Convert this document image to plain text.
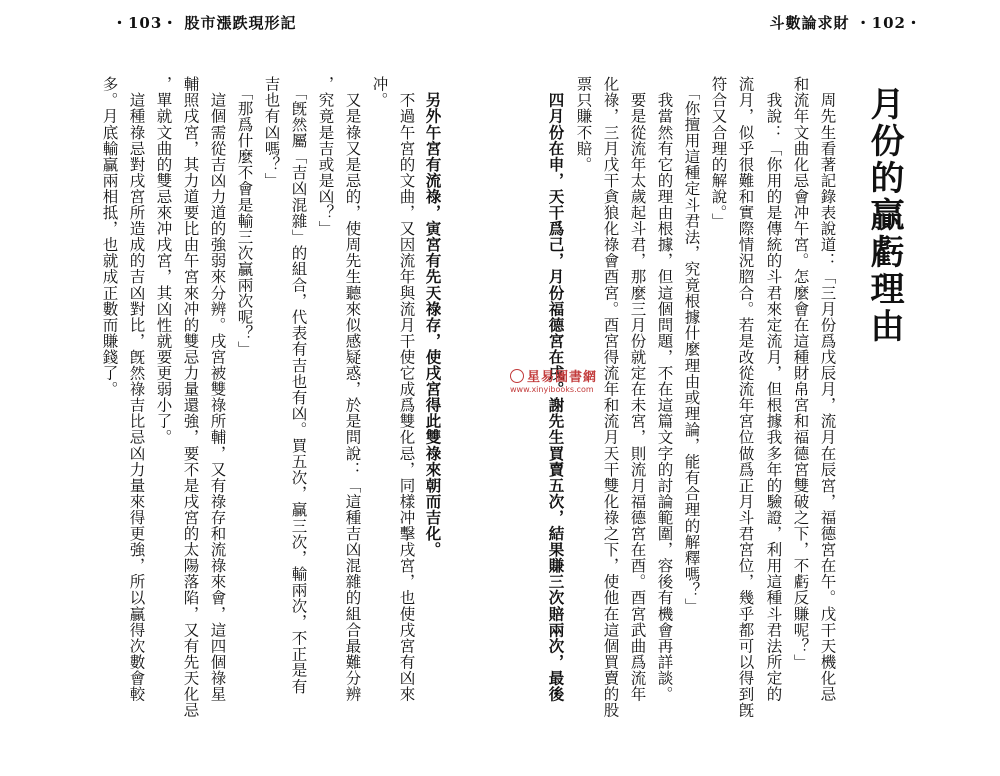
・103・ 股市漲跌現形記	斗數論求財 ・102・
月份的贏虧理由
　周先生看著記錄表說道：「三月份爲戊辰月，流月在辰宮，福德宮在午。戊干天機化忌
和流年文曲化忌會冲午宮。怎麼會在這種財帛宮和福德宮雙破之下，不虧反賺呢？」
　我說：「你用的是傳統的斗君來定流月，但根據我多年的驗證，利用這種斗君法所定的
流月，似乎很難和實際情況脗合。若是改從流年宮位做爲正月斗君宮位，幾乎都可以得到旣
符合又合理的解說。」
　「你擅用這種定斗君法，究竟根據什麼理由或理論，能有合理的解釋嗎？」
　我當然有它的理由根據，但這個問題，不在這篇文字的討論範圍，容後有機會再詳談。
　要是從流年太歲起斗君，那麼三月份就定在未宮，則流月福德宮在酉。酉宮武曲爲流年
化祿，三月戊干貪狼化祿會酉宮。酉宮得流年和流月天干雙化祿之下，使他在這個買賣的股
票只賺不賠。
　四月份在申，天干爲己，月份福德宮在戌。謝先生買賣五次，結果賺三次賠兩次，最後
　另外午宮有流祿，寅宮有先天祿存，使戌宮得此雙祿來朝而吉化。
　不過午宮的文曲，又因流年與流月干使它成爲雙化忌，同樣冲擊戌宮，也使戌宮有凶來
冲。
　又是祿又是忌的，使周先生聽來似感疑惑，於是問說：「這種吉凶混雜的組合最難分辨
，究竟是吉或是凶？」
　「旣然屬「吉凶混雜」的組合，代表有吉也有凶。買五次，贏三次，輸兩次，不正是有
吉也有凶嗎？」
　「那爲什麼不會是輸三次贏兩次呢？」
　這個需從吉凶力道的強弱來分辨。戌宮被雙祿所輔，又有祿存和流祿來會，這四個祿星
輔照戌宮，其力道要比由午宮來冲的雙忌力量還強，要不是戌宮的太陽落陷，又有先天化忌
，單就文曲的雙忌來冲戌宮，其凶性就要更弱小了。
　這種祿忌對戌宮所造成的吉凶對比，旣然祿吉比忌凶力量來得更強，所以贏得次數會較
多。月底輸贏兩相抵，也就成正數而賺錢了。	星易圖書網
www.xinyibooks.com
